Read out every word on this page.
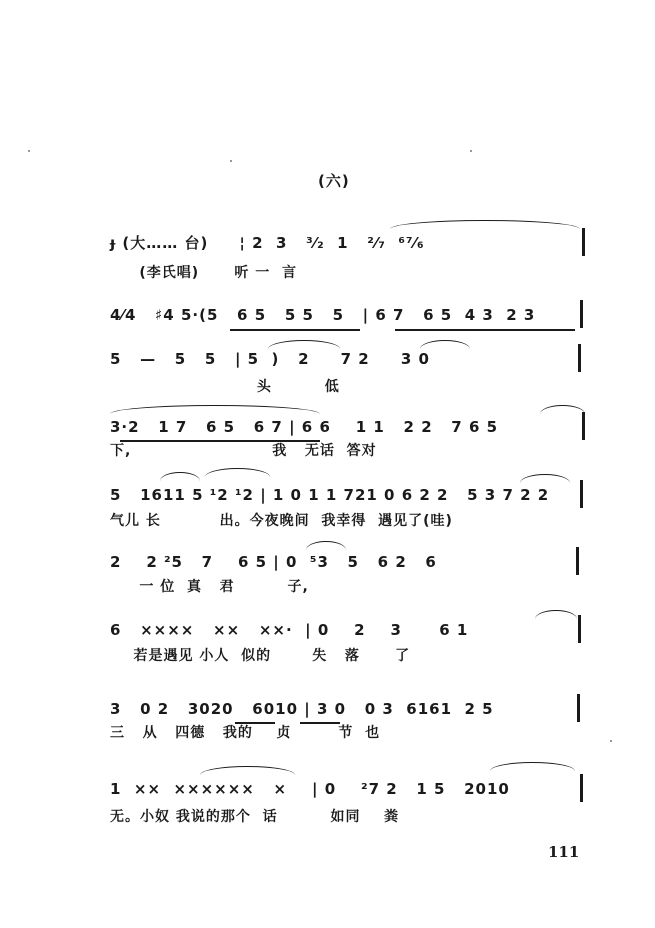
(六)
ɟ (大…… 台)     ¦ 2  3   ³⁄₂  1   ²⁄₇  ⁶⁷⁄₆
(李氏唱)      听 一  言
4⁄4   ♯4 5·(5   6 5   5 5   5   | 6 7   6 5  4 3  2 3
5   —   5   5   | 5  )   2     7 2     3 0
头         低
3·2   1 7   6 5   6 7 | 6 6    1 1   2 2   7 6 5
下,                        我   无话  答对
5   1611 5 ¹2 ¹2 | 1 0 1 1 721 0 6 2 2   5 3 7 2 2
气儿 长          出。今夜晚间  我幸得  遇见了(哇)
2    2 ²5   7    6 5 | 0  ⁵3   5   6 2   6
一 位  真   君         子,
6   ××××   ××   ××·  | 0    2    3      6 1
若是遇见 小人  似的       失   落      了
3   0 2   3020   6010 | 3 0   0 3  6161  2 5
三   从   四德   我的    贞        节  也
1  ××  ××××××   ×    | 0    ²7 2   1 5   2010
无。小奴 我说的那个  话         如同    粪
111
